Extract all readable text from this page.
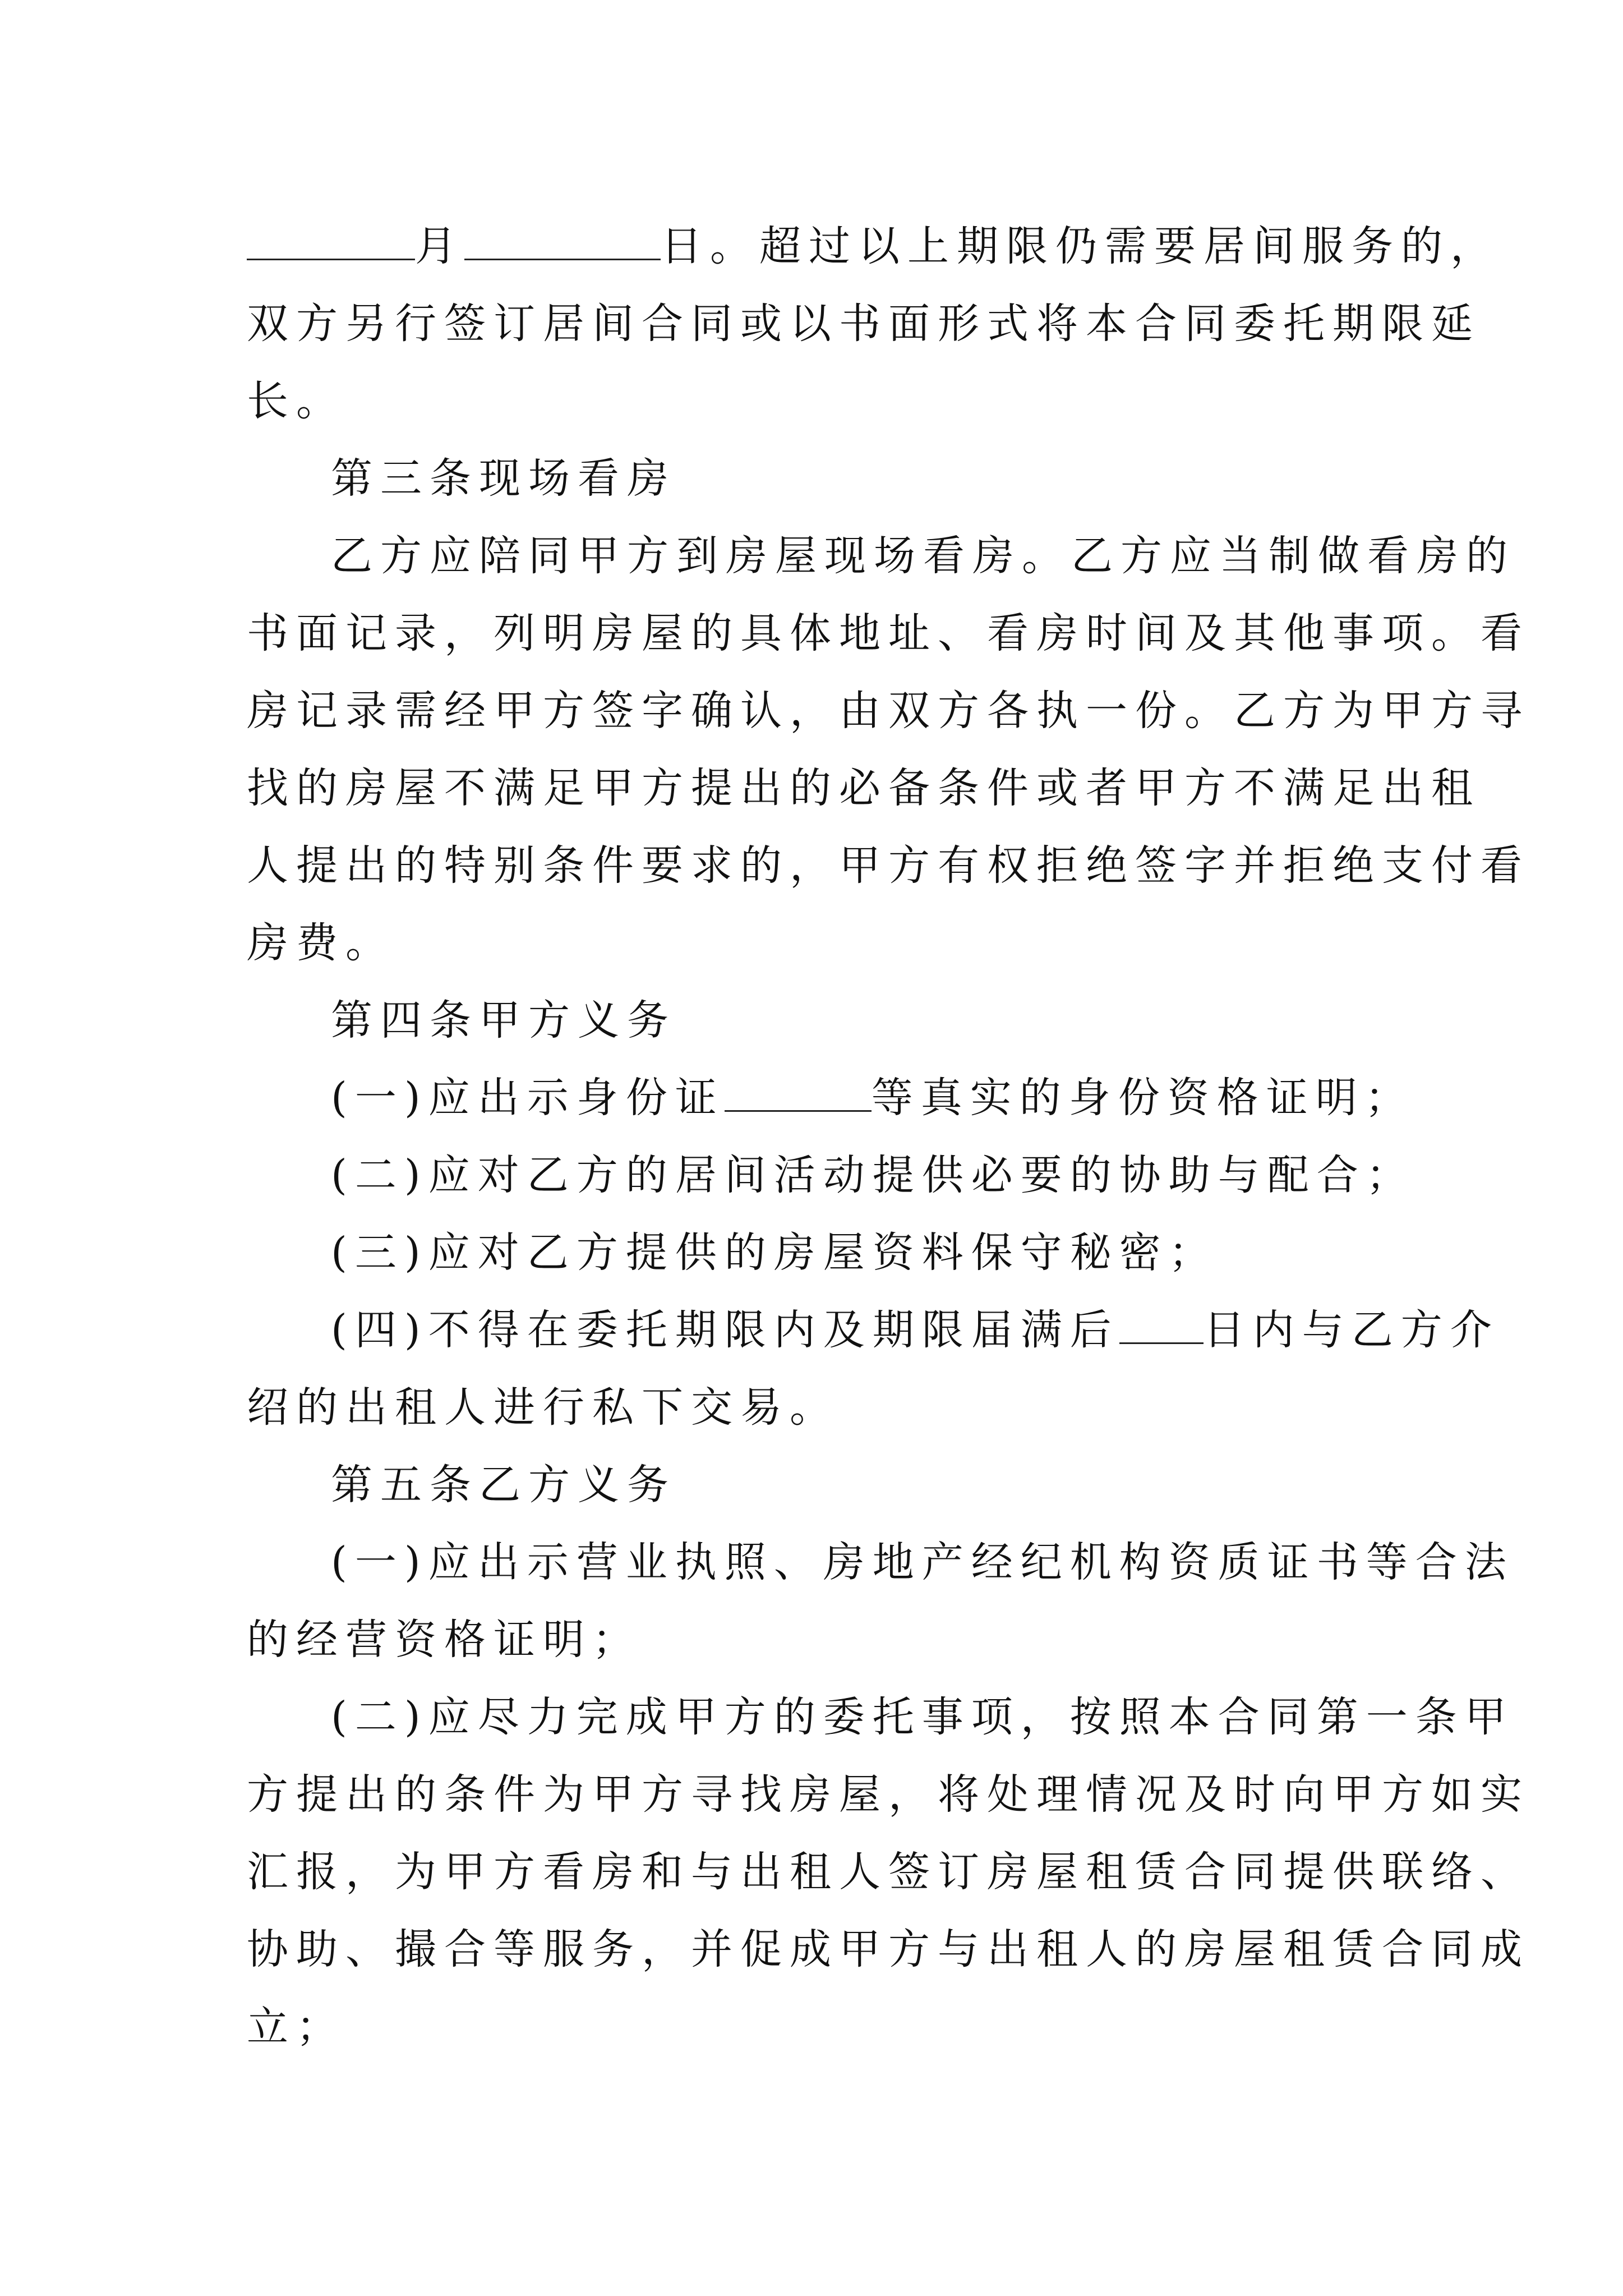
月	日。超过以上期限仍需要居间服务的，
双方另行签订居间合同或以书面形式将本合同委托期限延
长。
第三条现场看房
乙方应陪同甲方到房屋现场看房。乙方应当制做看房的
书面记录，列明房屋的具体地址、看房时间及其他事项。看
房记录需经甲方签字确认，由双方各执一份。乙方为甲方寻
找的房屋不满足甲方提出的必备条件或者甲方不满足出租
人提出的特别条件要求的，甲方有权拒绝签字并拒绝支付看
房费。
第四条甲方义务
(一)应出示身份证	等真实的身份资格证明；
(二)应对乙方的居间活动提供必要的协助与配合；
(三)应对乙方提供的房屋资料保守秘密；
(四)不得在委托期限内及期限届满后 日内与乙方介
绍的出租人进行私下交易。
第五条乙方义务
(一)应出示营业执照、房地产经纪机构资质证书等合法
的经营资格证明；
(二)应尽力完成甲方的委托事项，按照本合同第一条甲
方提出的条件为甲方寻找房屋，将处理情况及时向甲方如实
汇报，为甲方看房和与出租人签订房屋租赁合同提供联络、
协助、撮合等服务，并促成甲方与出租人的房屋租赁合同成
立；
